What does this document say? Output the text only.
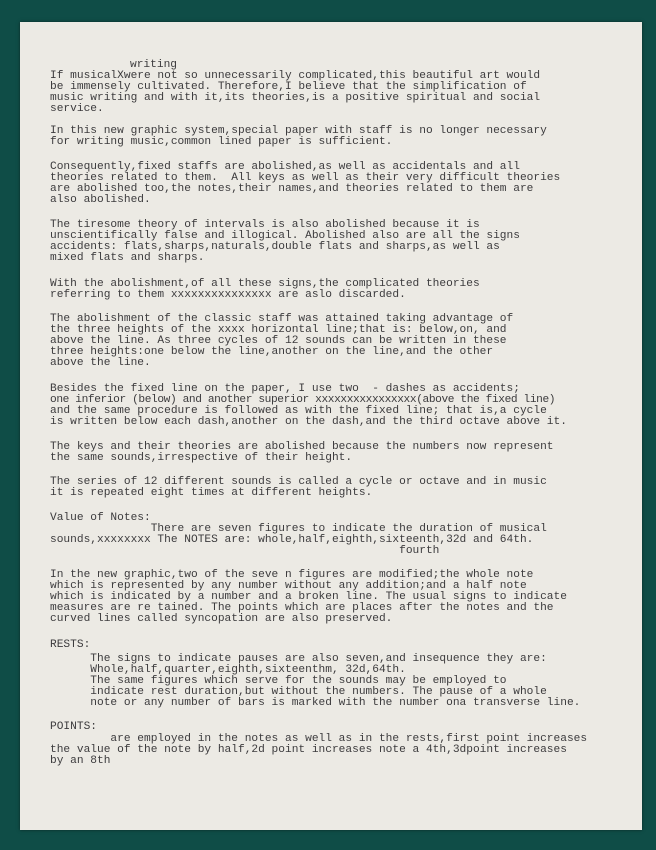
writing
If musicalXwere not so unnecessarily complicated,this beautiful art would
be immensely cultivated. Therefore,I believe that the simplification of
music writing and with it,its theories,is a positive spiritual and social
service.
In this new graphic system,special paper with staff is no longer necessary
for writing music,common lined paper is sufficient.
Consequently,fixed staffs are abolished,as well as accidentals and all
theories related to them.  All keys as well as their very difficult theories
are abolished too,the notes,their names,and theories related to them are
also abolished.
The tiresome theory of intervals is also abolished because it is
unscientifically false and illogical. Abolished also are all the signs
accidents: flats,sharps,naturals,double flats and sharps,as well as
mixed flats and sharps.
With the abolishment,of all these signs,the complicated theories
referring to them xxxxxxxxxxxxxxx are aslo discarded.
The abolishment of the classic staff was attained taking advantage of
the three heights of the xxxx horizontal line;that is: below,on, and
above the line. As three cycles of 12 sounds can be written in these
three heights:one below the line,another on the line,and the other
above the line.
Besides the fixed line on the paper, I use two  - dashes as accidents;
one inferior (below) and another superior xxxxxxxxxxxxxxxx(above the fixed line)
and the same procedure is followed as with the fixed line; that is,a cycle
is written below each dash,another on the dash,and the third octave above it.
The keys and their theories are abolished because the numbers now represent
the same sounds,irrespective of their height.
The series of 12 different sounds is called a cycle or octave and in music
it is repeated eight times at different heights.
Value of Notes:
There are seven figures to indicate the duration of musical
sounds,xxxxxxxx The NOTES are: whole,half,eighth,sixteenth,32d and 64th.
fourth
In the new graphic,two of the seve n figures are modified;the whole note
which is represented by any number without any addition;and a half note
which is indicated by a number and a broken line. The usual signs to indicate
measures are re tained. The points which are places after the notes and the
curved lines called syncopation are also preserved.
RESTS:
The signs to indicate pauses are also seven,and insequence they are:
Whole,half,quarter,eighth,sixteenthm, 32d,64th.
The same figures which serve for the sounds may be employed to
indicate rest duration,but without the numbers. The pause of a whole
note or any number of bars is marked with the number ona transverse line.
POINTS:
are employed in the notes as well as in the rests,first point increases
the value of the note by half,2d point increases note a 4th,3dpoint increases
by an 8th
